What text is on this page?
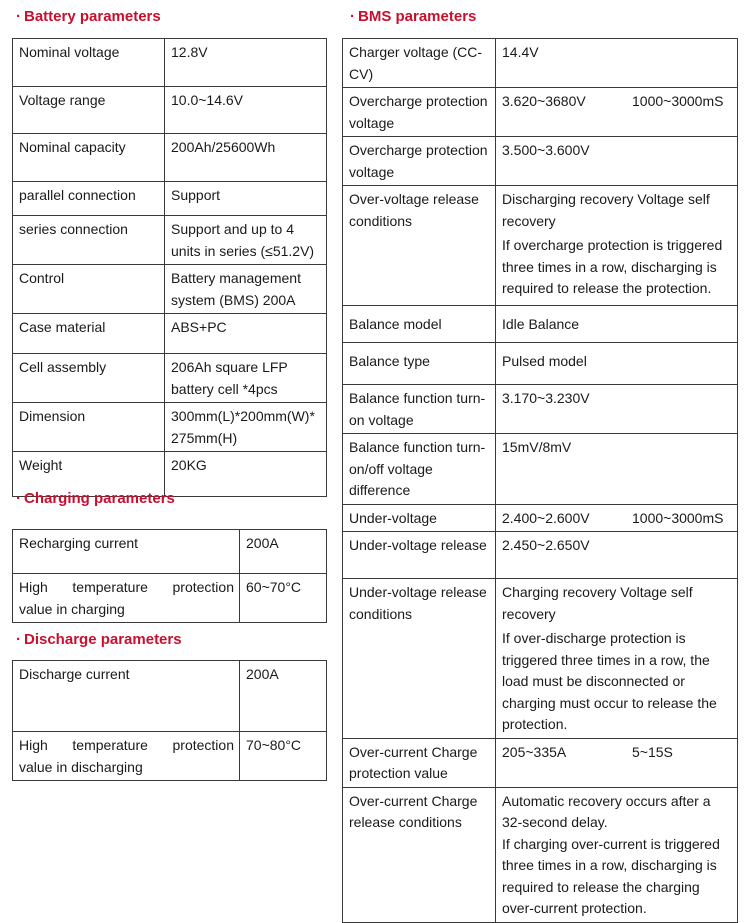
· Battery parameters
Nominal voltage	12.8V
Voltage range	10.0~14.6V
Nominal capacity	200Ah/25600Wh
parallel connection	Support
series connection	Support and up to 4 units in series (≤51.2V)
Control	Battery management system (BMS) 200A
Case material	ABS+PC
Cell assembly	206Ah square LFP battery cell *4pcs
Dimension	300mm(L)*200mm(W)* 275mm(H)
Weight	20KG
· Charging parameters
Recharging current	200A

High temperature protection
value in charging	60~70°C
· Discharge parameters
Discharge current	200A

High temperature protection
value in discharging	70~80°C
· BMS parameters
Charger voltage (CC-CV)	14.4V
Overcharge protection voltage	3.620~3680V 1000~3000mS

Overcharge protection voltage	3.500~3.600V
Over-voltage release conditions	Discharging recovery Voltage self recovery
If overcharge protection is triggered three times in a row, discharging is required to release the protection.

Balance model	Idle Balance
Balance type	Pulsed model
Balance function turn-on voltage	3.170~3.230V
Balance function turn-on/off voltage difference	15mV/8mV
Under-voltage	2.400~2.600V 1000~3000mS

Under-voltage release	2.450~2.650V
Under-voltage release conditions	Charging recovery Voltage self recovery
If over-discharge protection is triggered three times in a row, the load must be disconnected or charging must occur to release the protection.

Over-current Charge protection value	205~335A 5~15S

Over-current Charge release conditions	Automatic recovery occurs after a 32-second delay.
If charging over-current is triggered three times in a row, discharging is required to release the charging over-current protection.
